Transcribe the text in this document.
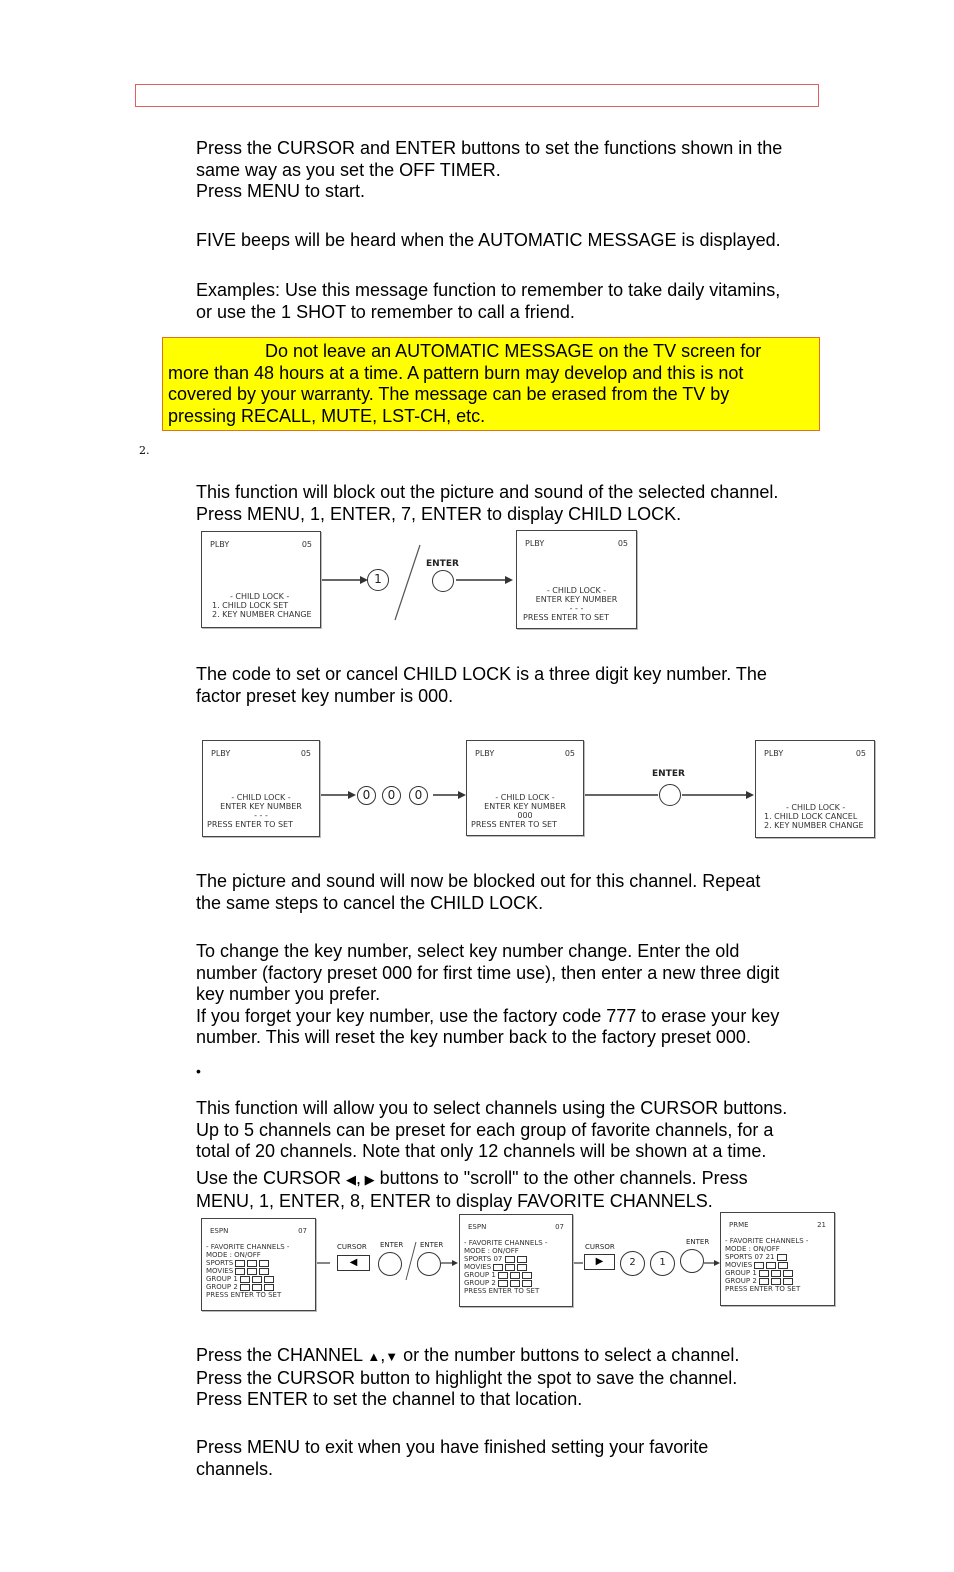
Press the CURSOR and ENTER buttons to set the functions shown in the
same way as you set the OFF TIMER.
Press MENU to start.

FIVE beeps will be heard when the AUTOMATIC MESSAGE is displayed.

Examples: Use this message function to remember to take daily vitamins,
or use the 1 SHOT to remember to call a friend.

Do not leave an AUTOMATIC MESSAGE on the TV screen for
more than 48 hours at a time. A pattern burn may develop and this is not
covered by your warranty. The message can be erased from the TV by
pressing RECALL, MUTE, LST-CH, etc.
2.

This function will block out the picture and sound of the selected channel.
Press MENU, 1, ENTER, 7, ENTER to display CHILD LOCK.

PLBY	05
- CHILD LOCK -
1. CHILD LOCK SET
2. KEY NUMBER CHANGE
1
ENTER
PLBY	05
- CHILD LOCK -
ENTER KEY NUMBER
- - -
PRESS ENTER TO SET

The code to set or cancel CHILD LOCK is a three digit key number. The
factor preset key number is 000.

PLBY	05
- CHILD LOCK -
ENTER KEY NUMBER
- - -
PRESS ENTER TO SET
0	0	0
PLBY	05
- CHILD LOCK -
ENTER KEY NUMBER
000
PRESS ENTER TO SET
ENTER
PLBY	05
- CHILD LOCK -
1. CHILD LOCK CANCEL
2. KEY NUMBER CHANGE

The picture and sound will now be blocked out for this channel. Repeat
the same steps to cancel the CHILD LOCK.

To change the key number, select key number change. Enter the old
number (factory preset 000 for first time use), then enter a new three digit
key number you prefer.
If you forget your key number, use the factory code 777 to erase your key
number. This will reset the key number back to the factory preset 000.

•

This function will allow you to select channels using the CURSOR buttons.
Up to 5 channels can be preset for each group of favorite channels, for a
total of 20 channels. Note that only 12 channels will be shown at a time.

Use the CURSOR ◀, ▶ buttons to "scroll" to the other channels. Press
MENU, 1, ENTER, 8, ENTER to display FAVORITE CHANNELS.

ESPN	07
- FAVORITE CHANNELS -
MODE : ON/OFF
SPORTS
MOVIES
GROUP 1
GROUP 2
PRESS ENTER TO SET
CURSOR
◀
ENTER ENTER
ESPN	07
- FAVORITE CHANNELS -
MODE : ON/OFF
SPORTS 07
MOVIES
GROUP 1
GROUP 2
PRESS ENTER TO SET
CURSOR
▶	2	1
ENTER
PRME	21
- FAVORITE CHANNELS -
MODE : ON/OFF
SPORTS 07 21
MOVIES
GROUP 1
GROUP 2
PRESS ENTER TO SET

Press the CHANNEL ▲,▼ or the number buttons to select a channel.
Press the CURSOR button to highlight the spot to save the channel.
Press ENTER to set the channel to that location.

Press MENU to exit when you have finished setting your favorite
channels.
